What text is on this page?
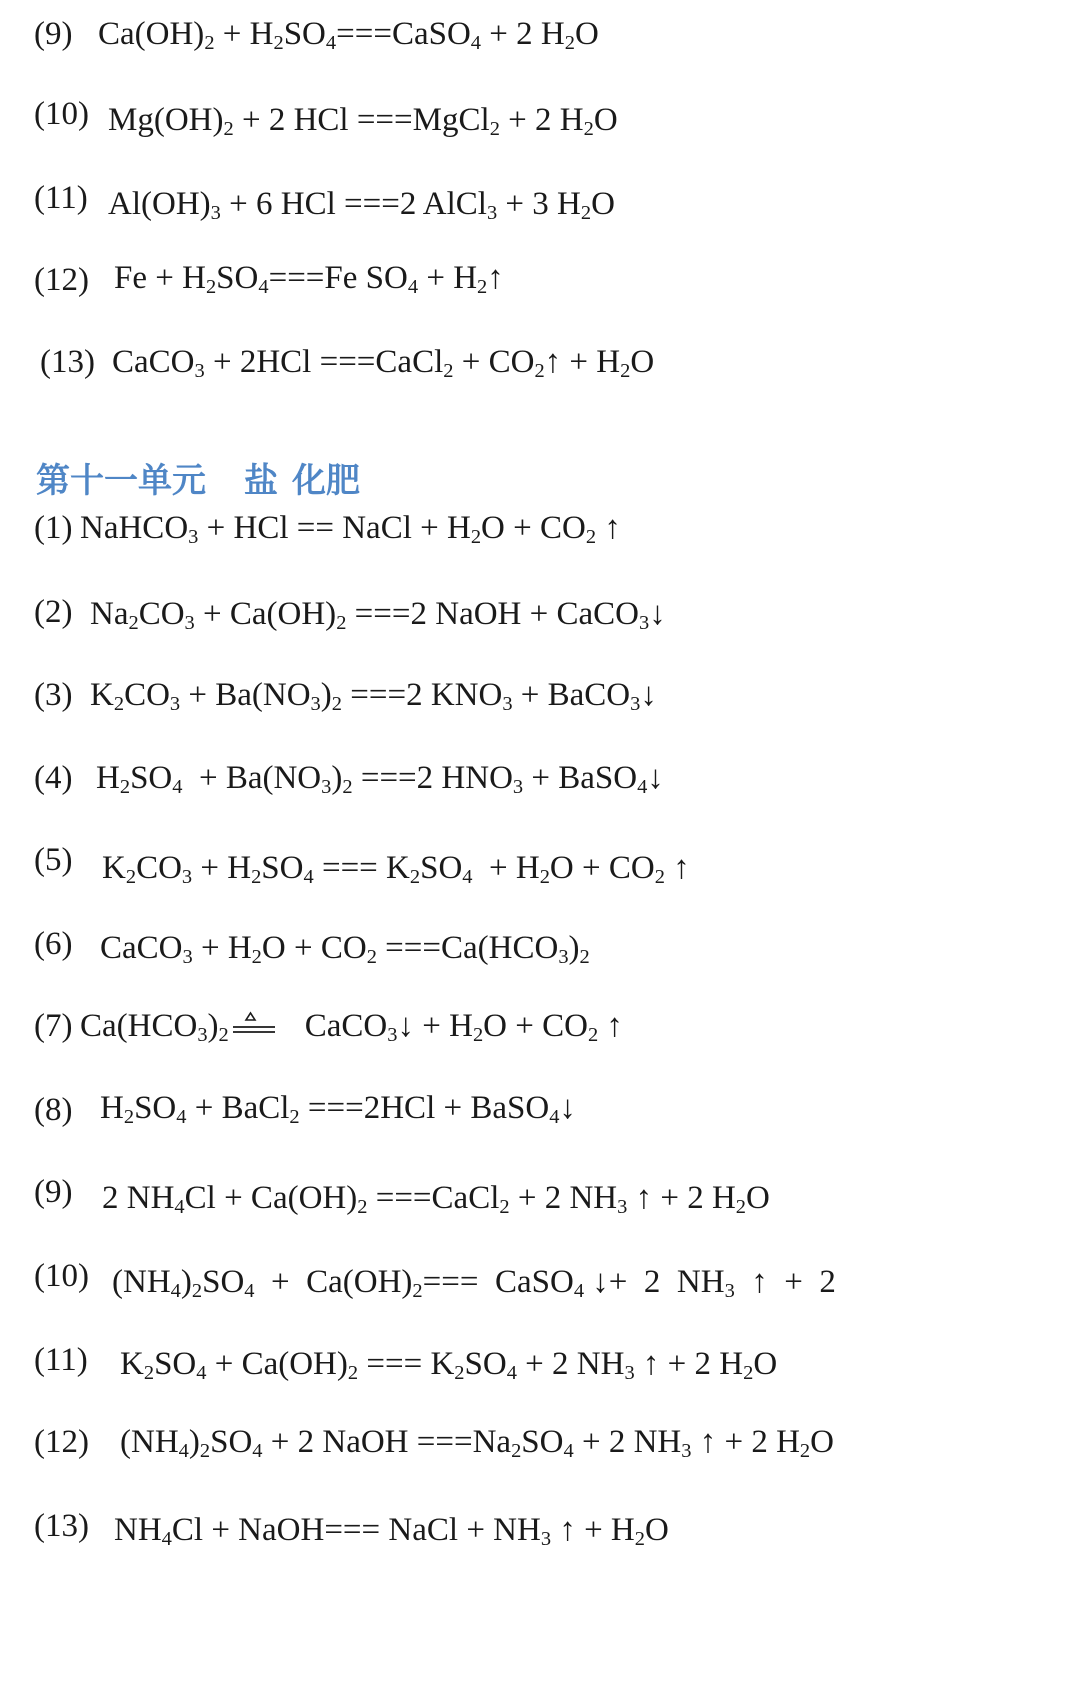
(9) $Ca(OH)_2$ + $H_2SO_4===CaSO_4 + 2$ $H_2O$
(10) $Mg(OH)_2 + 2$ HCl ===MgCl$_2$ + 2 $H_2O$
(11) $Al(OH)_3 + 6$ HCl ===2 AlCl$_3$ + 3 $H_2O$
(12) $Fe + H_2SO_4===Fe$ $SO_4$ + $H_2↑$
(13) CaCO$_3$ + 2HCl ===CaCl$_2$ + $CO_2↑ + H_2O$
第十一单元 盐 化肥
(1) NaHCO$_3$ + HCl == NaCl + $H_2O + CO_2$ ↑
(2) $Na_2CO_3 + Ca(OH)_2 ===2$ NaOH + CaCO$_3$↓
(3) $K_2CO_3 + Ba(NO_3)_2 ===2$ $KNO_3$ + BaCO$_3$↓
(4) $H_2SO_4 + Ba(NO_3)_2 ===2$ $HNO_3$ + BaSO$_4$↓
(5) $K_2CO_3 + H_2SO_4$ === $K_2SO_4 + H_2O + CO_2$ ↑
(6) CaCO$_3$ + $H_2O + CO_2 ===Ca(HCO_3)_2$
(7) $Ca(HCO_3)_2$ CaCO$_3$↓ + $H_2O + CO_2$ ↑
(8) $H_2SO_4$ + BaCl$_2$ ===2HCl + BaSO$_4$↓
(9) 2 $NH_4Cl + Ca(OH)_2$ ===CaCl$_2$ + 2 $NH_3$ ↑ + 2 $H_2O$
(10) $(NH_4)_2SO_4 + Ca(OH)_2===$  CaSO$_4$ ↓+  2  $NH_3$  ↑  +  2
(11) $K_2SO_4 + Ca(OH)_2$ === $K_2SO_4 + 2$ $NH_3$ ↑ + 2 $H_2O$
(12) $(NH_4)_2SO_4 + 2$ NaOH $===Na_2SO_4 + 2$ $NH_3$ ↑ + 2 $H_2O$
(13) $NH_4Cl$ + NaOH=== NaCl + $NH_3$ ↑ + $H_2O$
